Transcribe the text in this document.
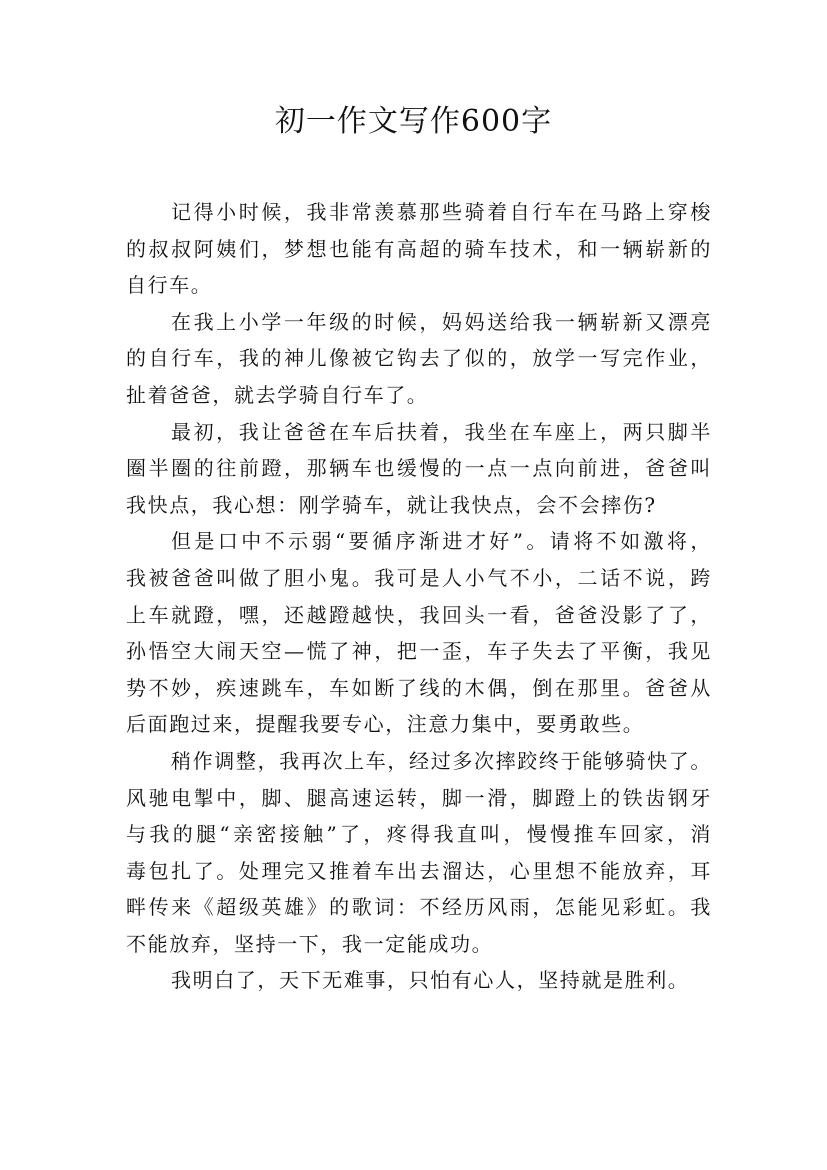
初一作文写作600字
记得小时候，我非常羡慕那些骑着自行车在马路上穿梭
的叔叔阿姨们，梦想也能有高超的骑车技术，和一辆崭新的
自行车。
在我上小学一年级的时候，妈妈送给我一辆崭新又漂亮
的自行车，我的神儿像被它钩去了似的，放学一写完作业，
扯着爸爸，就去学骑自行车了。
最初，我让爸爸在车后扶着，我坐在车座上，两只脚半
圈半圈的往前蹬，那辆车也缓慢的一点一点向前进，爸爸叫
我快点，我心想：刚学骑车，就让我快点，会不会摔伤?
但是口中不示弱“要循序渐进才好”。请将不如激将，
我被爸爸叫做了胆小鬼。我可是人小气不小，二话不说，跨
上车就蹬，嘿，还越蹬越快，我回头一看，爸爸没影了了，
孙悟空大闹天空—慌了神，把一歪，车子失去了平衡，我见
势不妙，疾速跳车，车如断了线的木偶，倒在那里。爸爸从
后面跑过来，提醒我要专心，注意力集中，要勇敢些。
稍作调整，我再次上车，经过多次摔跤终于能够骑快了。
风驰电掣中，脚、腿高速运转，脚一滑，脚蹬上的铁齿钢牙
与我的腿“亲密接触”了，疼得我直叫，慢慢推车回家，消
毒包扎了。处理完又推着车出去溜达，心里想不能放弃，耳
畔传来《超级英雄》的歌词：不经历风雨，怎能见彩虹。我
不能放弃，坚持一下，我一定能成功。
我明白了，天下无难事，只怕有心人，坚持就是胜利。
